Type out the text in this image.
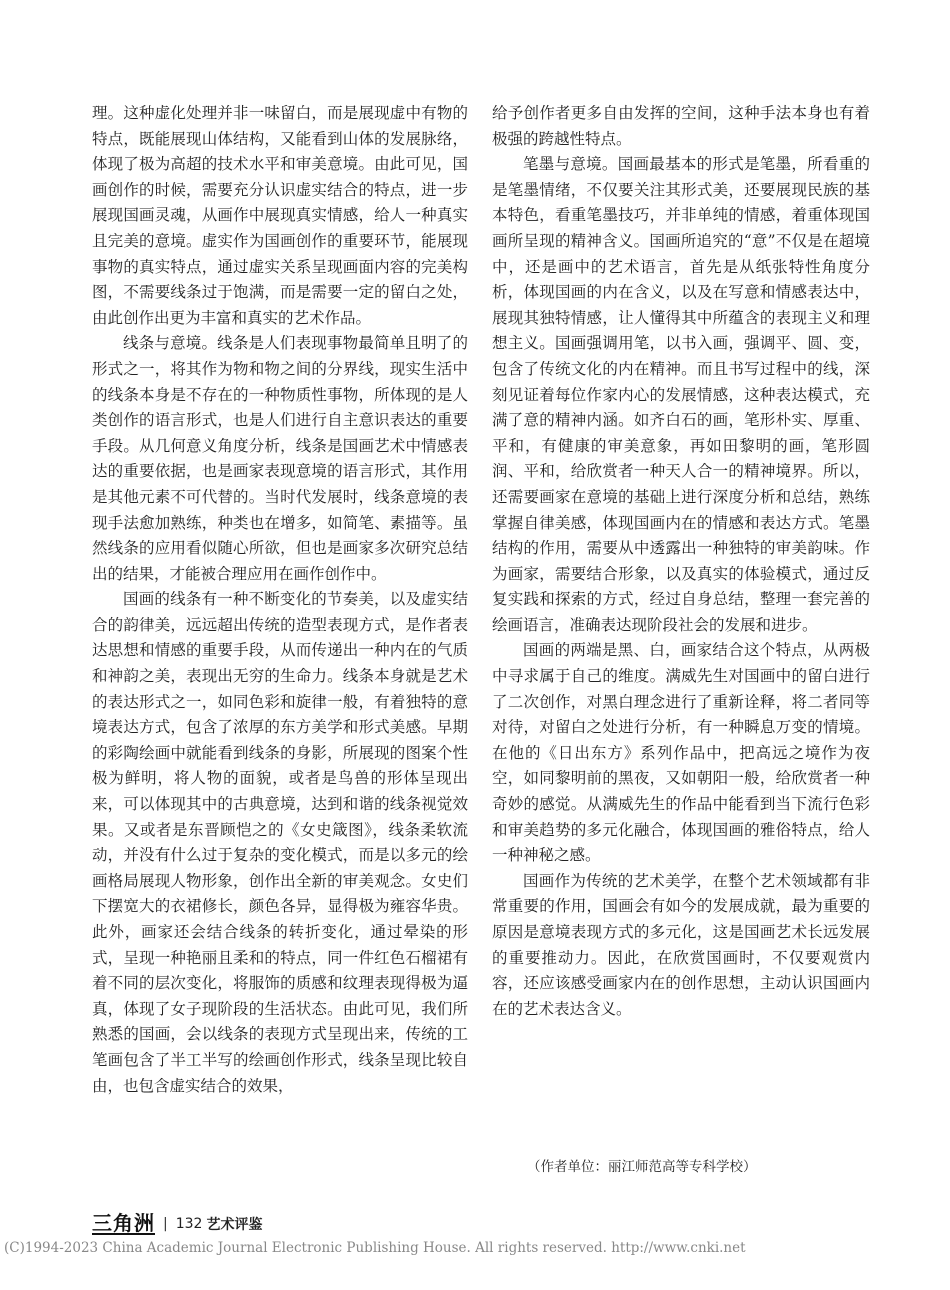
理。这种虚化处理并非一味留白，而是展现虚中有物的特点，既能展现山体结构，又能看到山体的发展脉络，体现了极为高超的技术水平和审美意境。由此可见，国画创作的时候，需要充分认识虚实结合的特点，进一步展现国画灵魂，从画作中展现真实情感，给人一种真实且完美的意境。虚实作为国画创作的重要环节，能展现事物的真实特点，通过虚实关系呈现画面内容的完美构图，不需要线条过于饱满，而是需要一定的留白之处，由此创作出更为丰富和真实的艺术作品。

线条与意境。线条是人们表现事物最简单且明了的形式之一，将其作为物和物之间的分界线，现实生活中的线条本身是不存在的一种物质性事物，所体现的是人类创作的语言形式，也是人们进行自主意识表达的重要手段。从几何意义角度分析，线条是国画艺术中情感表达的重要依据，也是画家表现意境的语言形式，其作用是其他元素不可代替的。当时代发展时，线条意境的表现手法愈加熟练，种类也在增多，如简笔、素描等。虽然线条的应用看似随心所欲，但也是画家多次研究总结出的结果，才能被合理应用在画作创作中。

国画的线条有一种不断变化的节奏美，以及虚实结合的韵律美，远远超出传统的造型表现方式，是作者表达思想和情感的重要手段，从而传递出一种内在的气质和神韵之美，表现出无穷的生命力。线条本身就是艺术的表达形式之一，如同色彩和旋律一般，有着独特的意境表达方式，包含了浓厚的东方美学和形式美感。早期的彩陶绘画中就能看到线条的身影，所展现的图案个性极为鲜明，将人物的面貌，或者是鸟兽的形体呈现出来，可以体现其中的古典意境，达到和谐的线条视觉效果。又或者是东晋顾恺之的《女史箴图》，线条柔软流动，并没有什么过于复杂的变化模式，而是以多元的绘画格局展现人物形象，创作出全新的审美观念。女史们下摆宽大的衣裙修长，颜色各异，显得极为雍容华贵。此外，画家还会结合线条的转折变化，通过晕染的形式，呈现一种艳丽且柔和的特点，同一件红色石榴裙有着不同的层次变化，将服饰的质感和纹理表现得极为逼真，体现了女子现阶段的生活状态。由此可见，我们所熟悉的国画，会以线条的表现方式呈现出来，传统的工笔画包含了半工半写的绘画创作形式，线条呈现比较自由，也包含虚实结合的效果，

给予创作者更多自由发挥的空间，这种手法本身也有着极强的跨越性特点。

笔墨与意境。国画最基本的形式是笔墨，所看重的是笔墨情绪，不仅要关注其形式美，还要展现民族的基本特色，看重笔墨技巧，并非单纯的情感，着重体现国画所呈现的精神含义。国画所追究的“意”不仅是在超境中，还是画中的艺术语言，首先是从纸张特性角度分析，体现国画的内在含义，以及在写意和情感表达中，展现其独特情感，让人懂得其中所蕴含的表现主义和理想主义。国画强调用笔，以书入画，强调平、圆、变，包含了传统文化的内在精神。而且书写过程中的线，深刻见证着每位作家内心的发展情感，这种表达模式，充满了意的精神内涵。如齐白石的画，笔形朴实、厚重、平和，有健康的审美意象，再如田黎明的画，笔形圆润、平和，给欣赏者一种天人合一的精神境界。所以，还需要画家在意境的基础上进行深度分析和总结，熟练掌握自律美感，体现国画内在的情感和表达方式。笔墨结构的作用，需要从中透露出一种独特的审美韵味。作为画家，需要结合形象，以及真实的体验模式，通过反复实践和探索的方式，经过自身总结，整理一套完善的绘画语言，准确表达现阶段社会的发展和进步。

国画的两端是黑、白，画家结合这个特点，从两极中寻求属于自己的维度。满威先生对国画中的留白进行了二次创作，对黑白理念进行了重新诠释，将二者同等对待，对留白之处进行分析，有一种瞬息万变的情境。在他的《日出东方》系列作品中，把高远之境作为夜空，如同黎明前的黑夜，又如朝阳一般，给欣赏者一种奇妙的感觉。从满威先生的作品中能看到当下流行色彩和审美趋势的多元化融合，体现国画的雅俗特点，给人一种神秘之感。

国画作为传统的艺术美学，在整个艺术领域都有非常重要的作用，国画会有如今的发展成就，最为重要的原因是意境表现方式的多元化，这是国画艺术长远发展的重要推动力。因此，在欣赏国画时，不仅要观赏内容，还应该感受画家内在的创作思想，主动认识国画内在的艺术表达含义。

（作者单位：丽江师范高等专科学校）
三角洲 | 132 艺术评鉴
(C)1994-2023 China Academic Journal Electronic Publishing House. All rights reserved. http://www.cnki.net
